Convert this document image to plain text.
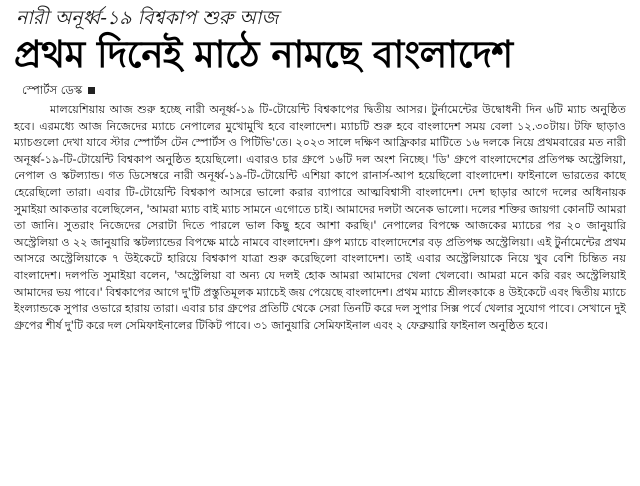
নারী অনূর্ধ্ব-১৯ বিশ্বকাপ শুরু আজ
প্রথম দিনেই মাঠে নামছে বাংলাদেশ
স্পোর্টস ডেস্ক

মালয়েশিয়ায় আজ শুরু হচ্ছে নারী অনূর্ধ্ব-১৯ টি-টোয়েন্টি বিশ্বকাপের দ্বিতীয় আসর। টুর্নামেন্টের উদ্বোধনী দিন ৬টি ম্যাচ অনুষ্ঠিত হবে। এরমধ্যে আজ নিজেদের ম্যাচে নেপালের মুখোমুখি হবে বাংলাদেশ। ম্যাচটি শুরু হবে বাংলাদেশ সময় বেলা ১২.৩০টায়। টফি ছাড়াও ম্যাচগুলো দেখা যাবে স্টার স্পোর্টস টেন স্পোর্টস ও পিটিভি'তে। ২০২৩ সালে দক্ষিণ আফ্রিকার মাটিতে ১৬ দলকে নিয়ে প্রথমবারের মত নারী অনূর্ধ্ব-১৯-টি-টোয়েন্টি বিশ্বকাপ অনুষ্ঠিত হয়েছিলো। এবারও চার গ্রুপে ১৬টি দল অংশ নিচ্ছে। 'ডি' গ্রুপে বাংলাদেশের প্রতিপক্ষ অস্ট্রেলিয়া, নেপাল ও স্কটল্যান্ড। গত ডিসেম্বরে নারী অনূর্ধ্ব-১৯-টি-টোয়েন্টি এশিয়া কাপে রানার্স-আপ হয়েছিলো বাংলাদেশ। ফাইনালে ভারতের কাছে হেরেছিলো তারা। এবার টি-টোয়েন্টি বিশ্বকাপ আসরে ভালো করার ব্যাপারে আত্মবিশ্বাসী বাংলাদেশ। দেশ ছাড়ার আগে দলের অধিনায়ক সুমাইয়া আকতার বলেছিলেন, 'আমরা ম্যাচ বাই ম্যাচ সামনে এগোতে চাই। আমাদের দলটা অনেক ভালো। দলের শক্তির জায়গা কোনটি আমরা তা জানি। সুতরাং নিজেদের সেরাটা দিতে পারলে ভাল কিছু হবে আশা করছি।' নেপালের বিপক্ষে আজকের ম্যাচের পর ২০ জানুয়ারি অস্ট্রেলিয়া ও ২২ জানুয়ারি স্কটল্যান্ডের বিপক্ষে মাঠে নামবে বাংলাদেশ। গ্রুপ ম্যাচে বাংলাদেশের বড় প্রতিপক্ষ অস্ট্রেলিয়া। এই টুর্নামেন্টের প্রথম আসরে অস্ট্রেলিয়াকে ৭ উইকেটে হারিয়ে বিশ্বকাপ যাত্রা শুরু করেছিলো বাংলাদেশ। তাই এবার অস্ট্রেলিয়াকে নিয়ে খুব বেশি চিন্তিত নয় বাংলাদেশ। দলপতি সুমাইয়া বলেন, 'অস্ট্রেলিয়া বা অন্য যে দলই হোক আমরা আমাদের খেলা খেলবো। আমরা মনে করি বরং অস্ট্রেলিয়াই আমাদের ভয় পাবে।' বিশ্বকাপের আগে দু'টি প্রস্তুতিমূলক ম্যাচেই জয় পেয়েছে বাংলাদেশ। প্রথম ম্যাচে শ্রীলংকাকে ৪ উইকেটে এবং দ্বিতীয় ম্যাচে ইংল্যান্ডকে সুপার ওভারে হারায় তারা। এবার চার গ্রুপের প্রতিটি থেকে সেরা তিনটি করে দল সুপার সিক্স পর্বে খেলার সুযোগ পাবে। সেখানে দুই গ্রুপের শীর্ষ দু'টি করে দল সেমিফাইনালের টিকিট পাবে। ৩১ জানুয়ারি সেমিফাইনাল এবং ২ ফেব্রুয়ারি ফাইনাল অনুষ্ঠিত হবে।
